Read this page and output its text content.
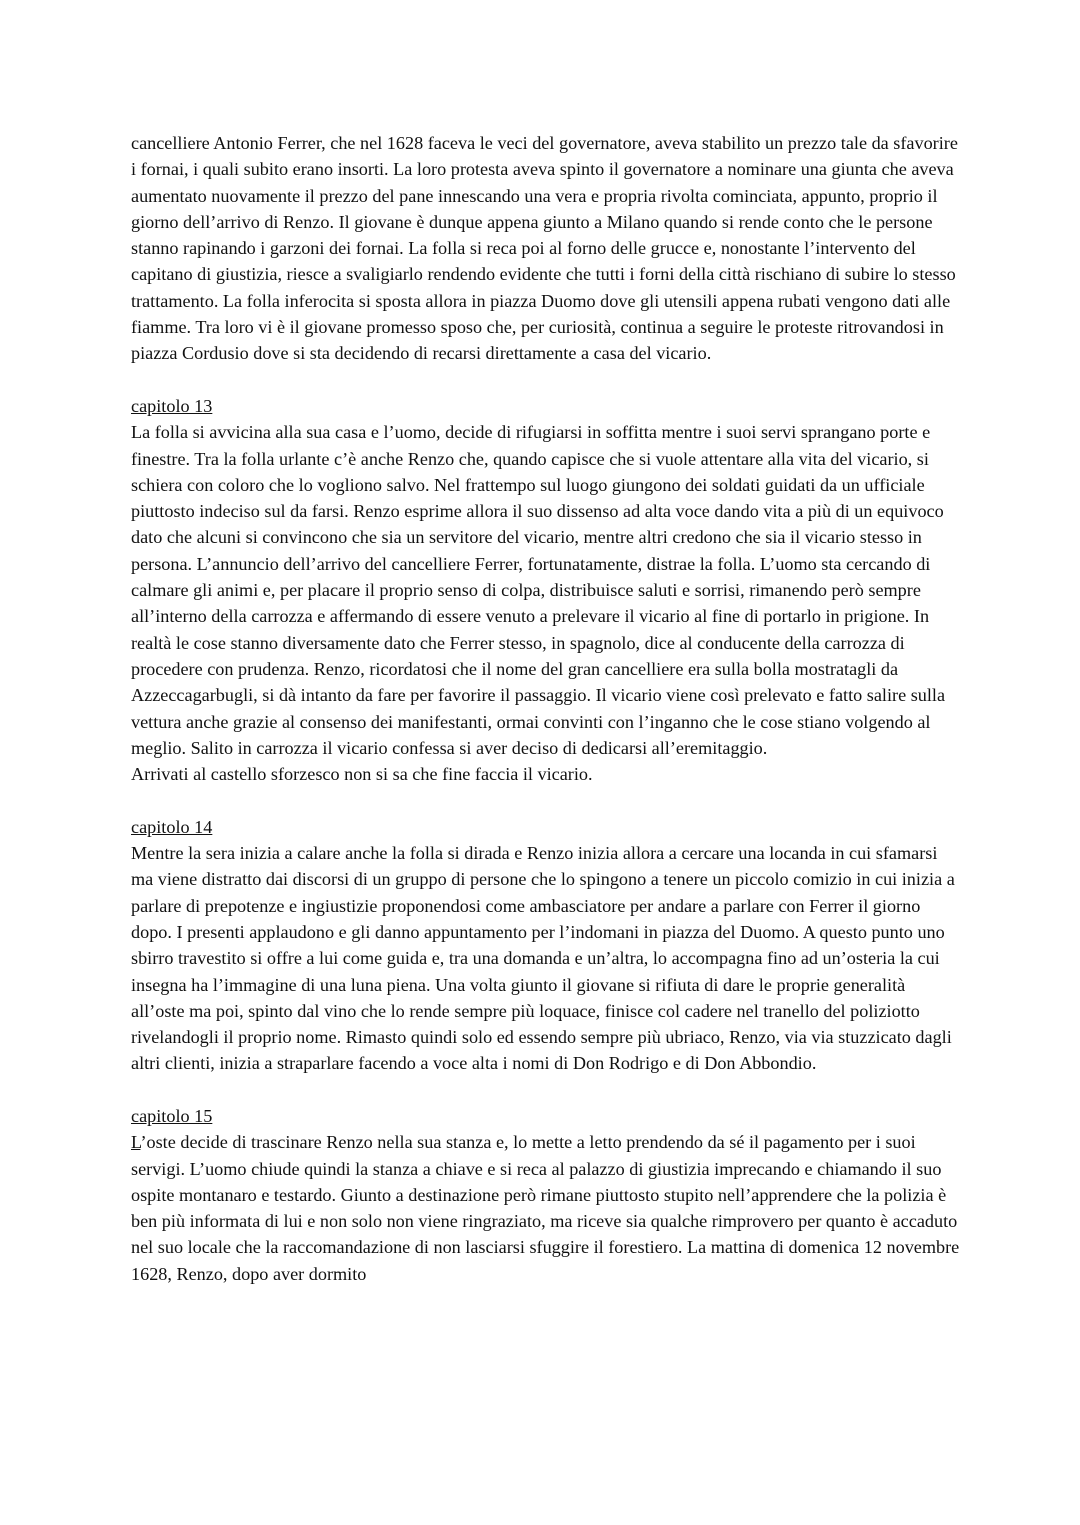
cancelliere Antonio Ferrer, che nel 1628 faceva le veci del governatore, aveva stabilito un prezzo tale da sfavorire i fornai, i quali subito erano insorti. La loro protesta aveva spinto il governatore a nominare una giunta che aveva aumentato nuovamente il prezzo del pane innescando una vera e propria rivolta cominciata, appunto, proprio il giorno dell’arrivo di Renzo. Il giovane è dunque appena giunto a Milano quando si rende conto che le persone stanno rapinando i garzoni dei fornai. La folla si reca poi al forno delle grucce e, nonostante l’intervento del capitano di giustizia, riesce a svaligiarlo rendendo evidente che tutti i forni della città rischiano di subire lo stesso trattamento. La folla inferocita si sposta allora in piazza Duomo dove gli utensili appena rubati vengono dati alle fiamme. Tra loro vi è il giovane promesso sposo che, per curiosità, continua a seguire le proteste ritrovandosi in piazza Cordusio dove si sta decidendo di recarsi direttamente a casa del vicario.

capitolo 13

La folla si avvicina alla sua casa e l’uomo, decide di rifugiarsi in soffitta mentre i suoi servi sprangano porte e finestre. Tra la folla urlante c’è anche Renzo che, quando capisce che si vuole attentare alla vita del vicario, si schiera con coloro che lo vogliono salvo. Nel frattempo sul luogo giungono dei soldati guidati da un ufficiale piuttosto indeciso sul da farsi. Renzo esprime allora il suo dissenso ad alta voce dando vita a più di un equivoco dato che alcuni si convincono che sia un servitore del vicario, mentre altri credono che sia il vicario stesso in persona. L’annuncio dell’arrivo del cancelliere Ferrer, fortunatamente, distrae la folla. L’uomo sta cercando di calmare gli animi e, per placare il proprio senso di colpa, distribuisce saluti e sorrisi, rimanendo però sempre all’interno della carrozza e affermando di essere venuto a prelevare il vicario al fine di portarlo in prigione. In realtà le cose stanno diversamente dato che Ferrer stesso, in spagnolo, dice al conducente della carrozza di procedere con prudenza. Renzo, ricordatosi che il nome del gran cancelliere era sulla bolla mostratagli da Azzeccagarbugli, si dà intanto da fare per favorire il passaggio. Il vicario viene così prelevato e fatto salire sulla vettura anche grazie al consenso dei manifestanti, ormai convinti con l’inganno che le cose stiano volgendo al meglio. Salito in carrozza il vicario confessa si aver deciso di dedicarsi all’eremitaggio.

Arrivati al castello sforzesco non si sa che fine faccia il vicario.

capitolo 14

Mentre la sera inizia a calare anche la folla si dirada e Renzo inizia allora a cercare una locanda in cui sfamarsi ma viene distratto dai discorsi di un gruppo di persone che lo spingono a tenere un piccolo comizio in cui inizia a parlare di prepotenze e ingiustizie proponendosi come ambasciatore per andare a parlare con Ferrer il giorno dopo. I presenti applaudono e gli danno appuntamento per l’indomani in piazza del Duomo. A questo punto uno sbirro travestito si offre a lui come guida e, tra una domanda e un’altra, lo accompagna fino ad un’osteria la cui insegna ha l’immagine di una luna piena. Una volta giunto il giovane si rifiuta di dare le proprie generalità all’oste ma poi, spinto dal vino che lo rende sempre più loquace, finisce col cadere nel tranello del poliziotto rivelandogli il proprio nome. Rimasto quindi solo ed essendo sempre più ubriaco, Renzo, via via stuzzicato dagli altri clienti, inizia a straparlare facendo a voce alta i nomi di Don Rodrigo e di Don Abbondio.

capitolo 15

L’oste decide di trascinare Renzo nella sua stanza e, lo mette a letto prendendo da sé il pagamento per i suoi servigi. L’uomo chiude quindi la stanza a chiave e si reca al palazzo di giustizia imprecando e chiamando il suo ospite montanaro e testardo. Giunto a destinazione però rimane piuttosto stupito nell’apprendere che la polizia è ben più informata di lui e non solo non viene ringraziato, ma riceve sia qualche rimprovero per quanto è accaduto nel suo locale che la raccomandazione di non lasciarsi sfuggire il forestiero. La mattina di domenica 12 novembre 1628, Renzo, dopo aver dormito
